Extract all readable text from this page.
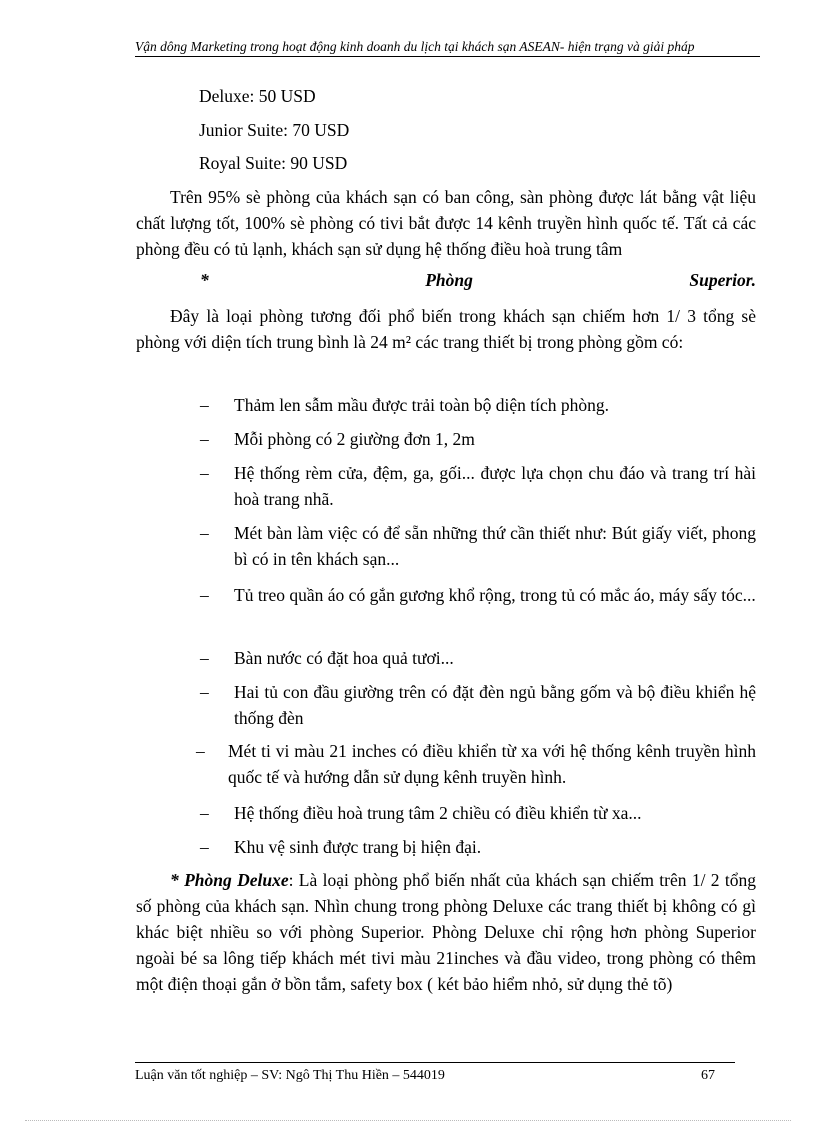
Vận dông Marketing trong hoạt động kinh doanh du lịch tại khách sạn ASEAN- hiện trạng và giải pháp
Deluxe: 50 USD
Junior Suite: 70 USD
Royal Suite: 90 USD

Trên 95% sè phòng của khách sạn có ban công, sàn phòng được lát bằng vật liệu chất lượng tốt, 100% sè phòng có tivi bắt được 14 kênh truyền hình quốc tế. Tất cả các phòng đều có tủ lạnh, khách sạn sử dụng hệ thống điều hoà trung tâm

*	Phòng	Superior.

Đây là loại phòng tương đối phổ biến trong khách sạn chiếm hơn 1/ 3 tổng sè phòng với diện tích trung bình là 24 m² các trang thiết bị trong phòng gồm có:

– Thảm len sẫm mầu được trải toàn bộ diện tích phòng.
– Mỗi phòng có 2 giường đơn 1, 2m
– Hệ thống rèm cửa, đệm, ga, gối... được lựa chọn chu đáo và trang trí hài hoà trang nhã.
– Mét bàn làm việc có để sẵn những thứ cần thiết như: Bút giấy viết, phong bì có in tên khách sạn...
– Tủ treo quần áo có gắn gương khổ rộng, trong tủ có mắc áo, máy sấy tóc...
– Bàn nước có đặt hoa quả tươi...
– Hai tủ con đầu giường trên có đặt đèn ngủ bằng gốm và bộ điều khiển hệ thống đèn
– Mét ti vi màu 21 inches có điều khiển từ xa với hệ thống kênh truyền hình quốc tế và hướng dẫn sử dụng kênh truyền hình.
– Hệ thống điều hoà trung tâm 2 chiều có điều khiển từ xa...
– Khu vệ sinh được trang bị hiện đại.

* Phòng Deluxe: Là loại phòng phổ biến nhất của khách sạn chiếm trên 1/ 2 tổng số phòng của khách sạn. Nhìn chung trong phòng Deluxe các trang thiết bị không có gì khác biệt nhiều so với phòng Superior. Phòng Deluxe chỉ rộng hơn phòng Superior ngoài bé sa lông tiếp khách mét tivi màu 21inches và đầu video, trong phòng có thêm một điện thoại gắn ở bồn tắm, safety box ( két bảo hiểm nhỏ, sử dụng thẻ tõ)

Luận văn tốt nghiệp – SV: Ngô Thị Thu Hiền – 544019	67
